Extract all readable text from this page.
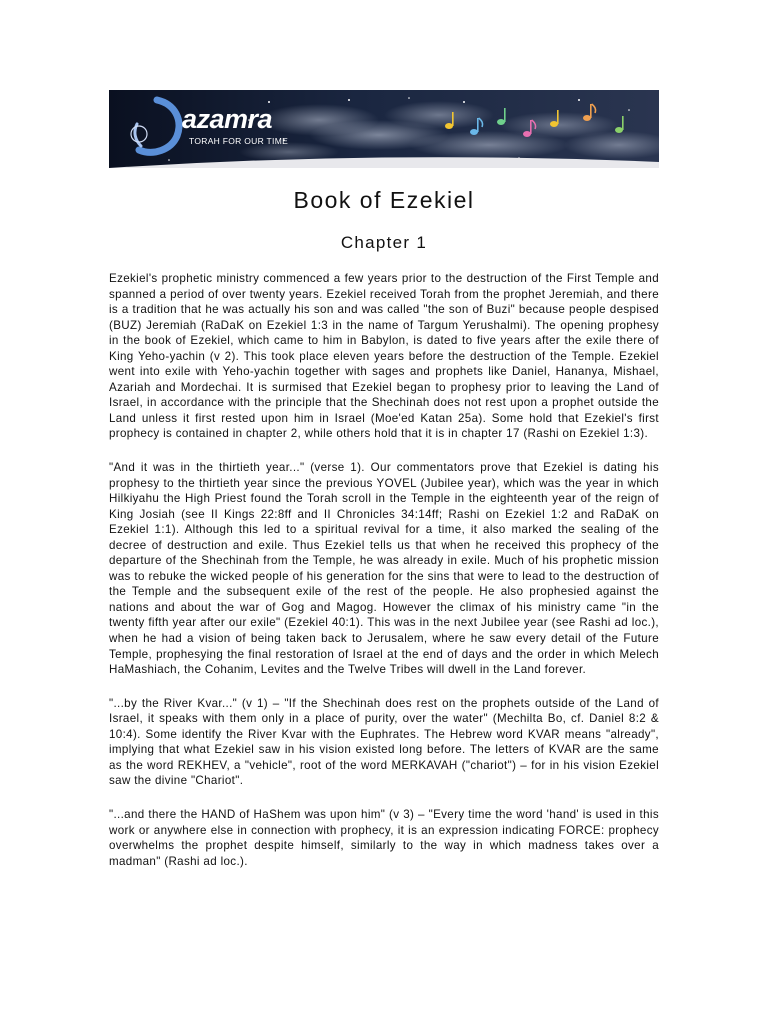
azamra
TORAH FOR OUR TIME
Book of Ezekiel
Chapter 1

Ezekiel's prophetic ministry commenced a few years prior to the destruction of the First Temple and spanned a period of over twenty years. Ezekiel received Torah from the prophet Jeremiah, and there is a tradition that he was actually his son and was called "the son of Buzi" because people despised (BUZ) Jeremiah (RaDaK on Ezekiel 1:3 in the name of Targum Yerushalmi). The opening prophesy in the book of Ezekiel, which came to him in Babylon, is dated to five years after the exile there of King Yeho-yachin (v 2). This took place eleven years before the destruction of the Temple. Ezekiel went into exile with Yeho-yachin together with sages and prophets like Daniel, Hananya, Mishael, Azariah and Mordechai. It is surmised that Ezekiel began to prophesy prior to leaving the Land of Israel, in accordance with the principle that the Shechinah does not rest upon a prophet outside the Land unless it first rested upon him in Israel (Moe'ed Katan 25a). Some hold that Ezekiel's first prophecy is contained in chapter 2, while others hold that it is in chapter 17 (Rashi on Ezekiel 1:3).

"And it was in the thirtieth year..." (verse 1). Our commentators prove that Ezekiel is dating his prophesy to the thirtieth year since the previous YOVEL (Jubilee year), which was the year in which Hilkiyahu the High Priest found the Torah scroll in the Temple in the eighteenth year of the reign of King Josiah (see II Kings 22:8ff and II Chronicles 34:14ff; Rashi on Ezekiel 1:2 and RaDaK on Ezekiel 1:1). Although this led to a spiritual revival for a time, it also marked the sealing of the decree of destruction and exile. Thus Ezekiel tells us that when he received this prophecy of the departure of the Shechinah from the Temple, he was already in exile. Much of his prophetic mission was to rebuke the wicked people of his generation for the sins that were to lead to the destruction of the Temple and the subsequent exile of the rest of the people. He also prophesied against the nations and about the war of Gog and Magog. However the climax of his ministry came "in the twenty fifth year after our exile" (Ezekiel 40:1). This was in the next Jubilee year (see Rashi ad loc.), when he had a vision of being taken back to Jerusalem, where he saw every detail of the Future Temple, prophesying the final restoration of Israel at the end of days and the order in which Melech HaMashiach, the Cohanim, Levites and the Twelve Tribes will dwell in the Land forever.

"...by the River Kvar..." (v 1) – "If the Shechinah does rest on the prophets outside of the Land of Israel, it speaks with them only in a place of purity, over the water" (Mechilta Bo, cf. Daniel 8:2 & 10:4). Some identify the River Kvar with the Euphrates. The Hebrew word KVAR means "already", implying that what Ezekiel saw in his vision existed long before. The letters of KVAR are the same as the word REKHEV, a "vehicle", root of the word MERKAVAH ("chariot") – for in his vision Ezekiel saw the divine "Chariot".

"...and there the HAND of HaShem was upon him" (v 3) – "Every time the word 'hand' is used in this work or anywhere else in connection with prophecy, it is an expression indicating FORCE: prophecy overwhelms the prophet despite himself, similarly to the way in which madness takes over a madman" (Rashi ad loc.).
